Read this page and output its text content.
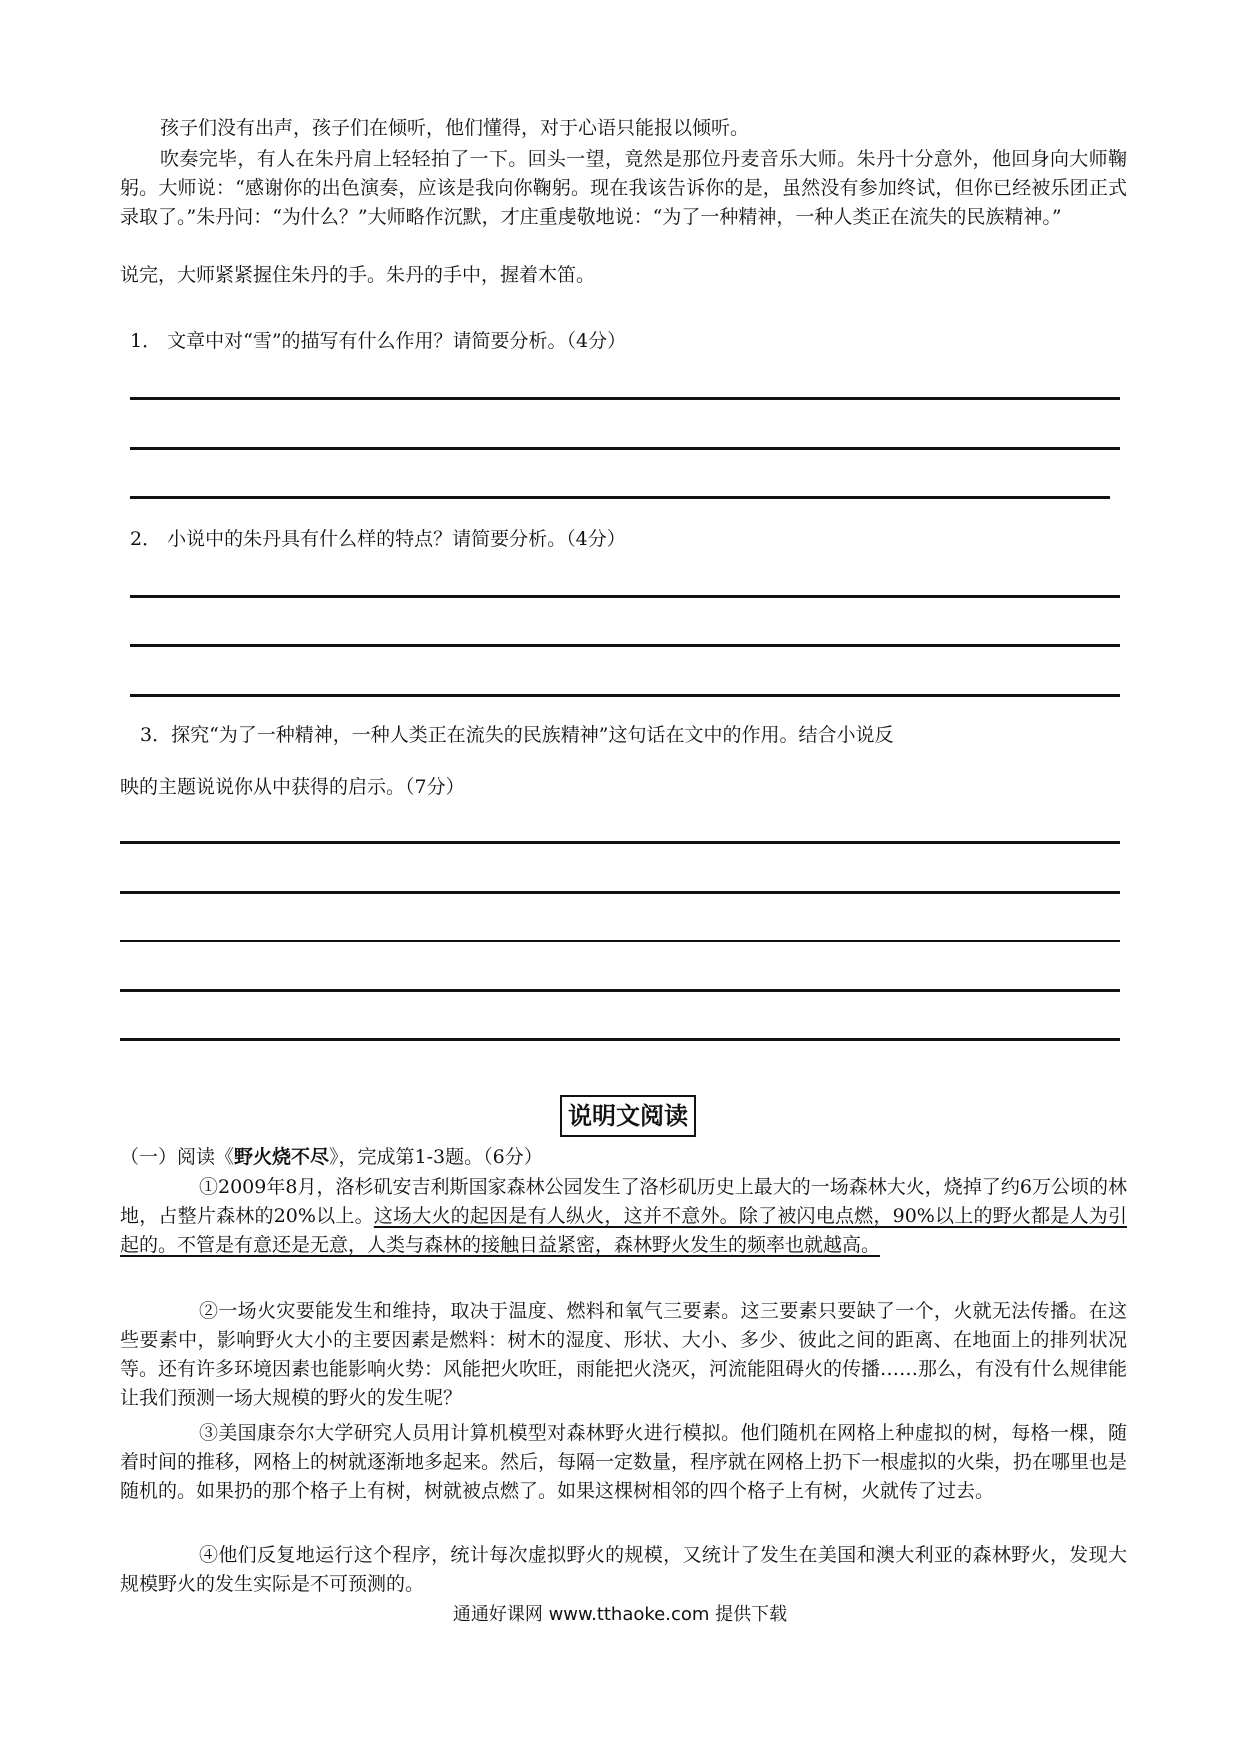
孩子们没有出声，孩子们在倾听，他们懂得，对于心语只能报以倾听。

吹奏完毕，有人在朱丹肩上轻轻拍了一下。回头一望，竟然是那位丹麦音乐大师。朱丹十分意外，他回身向大师鞠躬。大师说：“感谢你的出色演奏，应该是我向你鞠躬。现在我该告诉你的是，虽然没有参加终试，但你已经被乐团正式录取了。”朱丹问：“为什么？”大师略作沉默，才庄重虔敬地说：“为了一种精神，一种人类正在流失的民族精神。”

说完，大师紧紧握住朱丹的手。朱丹的手中，握着木笛。

1． 文章中对“雪”的描写有什么作用？请简要分析。（4分）

2． 小说中的朱丹具有什么样的特点？请简要分析。（4分）

3．探究“为了一种精神，一种人类正在流失的民族精神”这句话在文中的作用。结合小说反

映的主题说说你从中获得的启示。（7分）

说明文阅读
（一）阅读《野火烧不尽》，完成第1-3题。（6分）

①2009年8月，洛杉矶安吉利斯国家森林公园发生了洛杉矶历史上最大的一场森林大火，烧掉了约6万公顷的林地，占整片森林的20%以上。这场大火的起因是有人纵火，这并不意外。除了被闪电点燃，90%以上的野火都是人为引起的。不管是有意还是无意，人类与森林的接触日益紧密，森林野火发生的频率也就越高。

②一场火灾要能发生和维持，取决于温度、燃料和氧气三要素。这三要素只要缺了一个，火就无法传播。在这些要素中，影响野火大小的主要因素是燃料：树木的湿度、形状、大小、多少、彼此之间的距离、在地面上的排列状况等。还有许多环境因素也能影响火势：风能把火吹旺，雨能把火浇灭，河流能阻碍火的传播……那么，有没有什么规律能让我们预测一场大规模的野火的发生呢？

③美国康奈尔大学研究人员用计算机模型对森林野火进行模拟。他们随机在网格上种虚拟的树，每格一棵，随着时间的推移，网格上的树就逐渐地多起来。然后，每隔一定数量，程序就在网格上扔下一根虚拟的火柴，扔在哪里也是随机的。如果扔的那个格子上有树，树就被点燃了。如果这棵树相邻的四个格子上有树，火就传了过去。

④他们反复地运行这个程序，统计每次虚拟野火的规模，又统计了发生在美国和澳大利亚的森林野火，发现大规模野火的发生实际是不可预测的。

通通好课网 www.tthaoke.com 提供下载
